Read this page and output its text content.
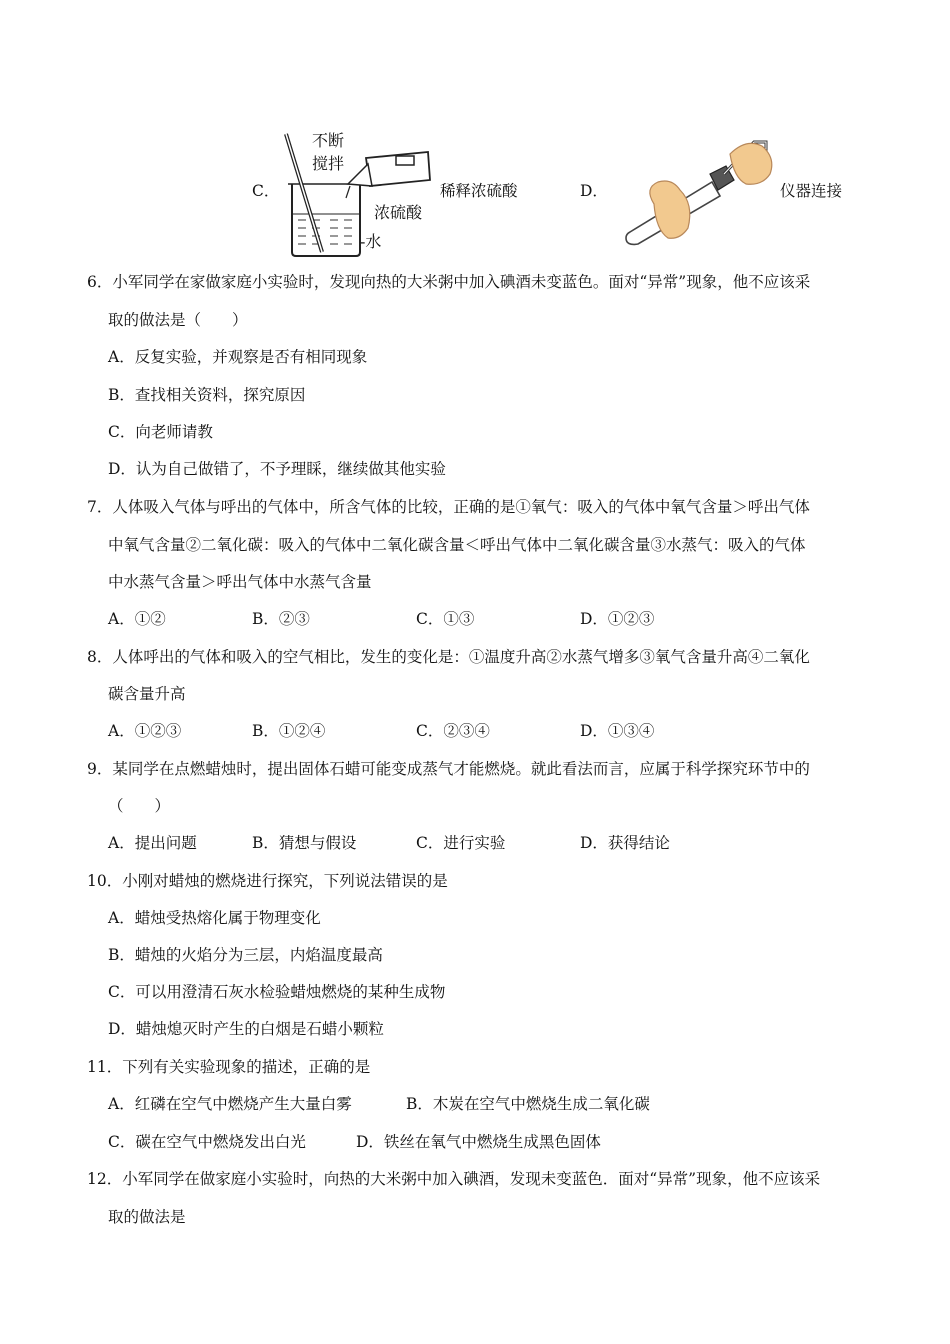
C．
不断
搅拌
浓硫酸
-水
稀释浓硫酸	D．	仪器连接
6．小军同学在家做家庭小实验时，发现向热的大米粥中加入碘酒未变蓝色。面对“异常”现象，他不应该采
取的做法是（　　）
A．反复实验，并观察是否有相同现象
B．查找相关资料，探究原因
C．向老师请教
D．认为自己做错了，不予理睬，继续做其他实验
7．人体吸入气体与呼出的气体中，所含气体的比较，正确的是①氧气：吸入的气体中氧气含量＞呼出气体
中氧气含量②二氧化碳：吸入的气体中二氧化碳含量＜呼出气体中二氧化碳含量③水蒸气：吸入的气体
中水蒸气含量＞呼出气体中水蒸气含量
A．①②	B．②③	C．①③	D．①②③
8．人体呼出的气体和吸入的空气相比，发生的变化是：①温度升高②水蒸气增多③氧气含量升高④二氧化
碳含量升高
A．①②③	B．①②④	C．②③④	D．①③④
9．某同学在点燃蜡烛时，提出固体石蜡可能变成蒸气才能燃烧。就此看法而言，应属于科学探究环节中的
（　　）
A．提出问题	B．猜想与假设	C．进行实验	D．获得结论
10．小刚对蜡烛的燃烧进行探究，下列说法错误的是
A．蜡烛受热熔化属于物理变化
B．蜡烛的火焰分为三层，内焰温度最高
C．可以用澄清石灰水检验蜡烛燃烧的某种生成物
D．蜡烛熄灭时产生的白烟是石蜡小颗粒
11．下列有关实验现象的描述，正确的是
A．红磷在空气中燃烧产生大量白雾	B．木炭在空气中燃烧生成二氧化碳
C．碳在空气中燃烧发出白光	D．铁丝在氧气中燃烧生成黑色固体
12．小军同学在做家庭小实验时，向热的大米粥中加入碘酒，发现未变蓝色．面对“异常”现象，他不应该采
取的做法是
